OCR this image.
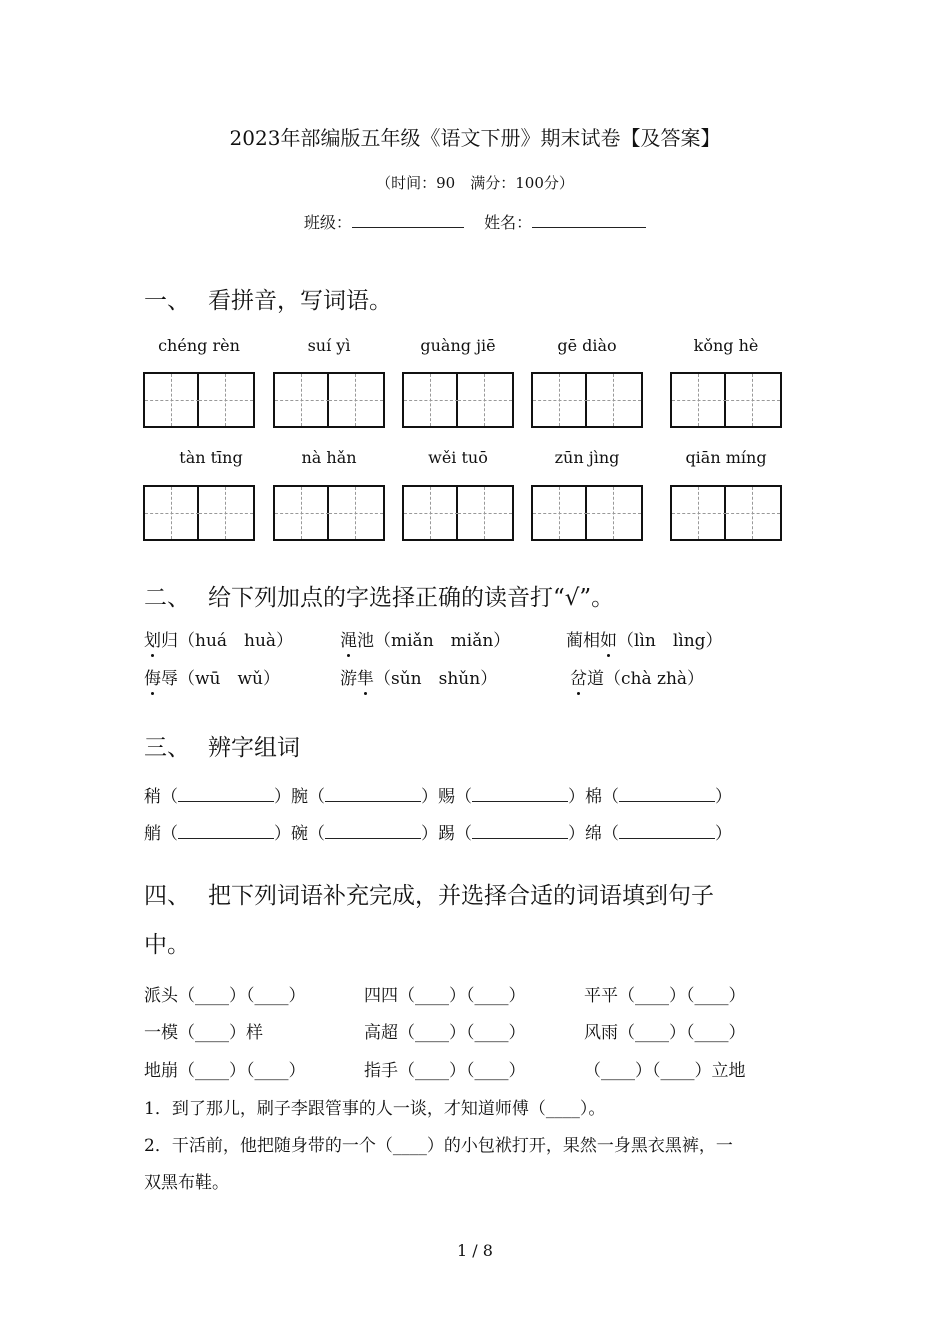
2023年部编版五年级《语文下册》期末试卷【及答案】
（时间：90　满分：100分）
班级：	姓名：
一、 看拼音，写词语。
chéng rèn	suí yì	guàng jiē	gē diào	kǒng hè
tàn tīng	nà hǎn	wěi tuō	zūn jìng	qiān míng
二、 给下列加点的字选择正确的读音打“√”。
划归（huá　huà）	渑池（miǎn　miǎn）	蔺相如（lìn　lìng）
侮辱（wū　wǔ）	游隼（sǔn　shǔn）	岔道（chà zhà）
三、 辨字组词
稍（	）腕（	）赐（	）棉（	）
艄（	）碗（	）踢（	）绵（	）
四、 把下列词语补充完成，并选择合适的词语填到句子
中。
派头（____）（____）	四四（____）（____）	平平（____）（____）
一模（____）样	高超（____）（____）	风雨（____）（____）
地崩（____）（____）	指手（____）（____）	（____）（____）立地
1．到了那儿，刷子李跟管事的人一谈，才知道师傅（____）。
2．干活前，他把随身带的一个（____）的小包袱打开，果然一身黑衣黑裤，一
双黑布鞋。
1 / 8
